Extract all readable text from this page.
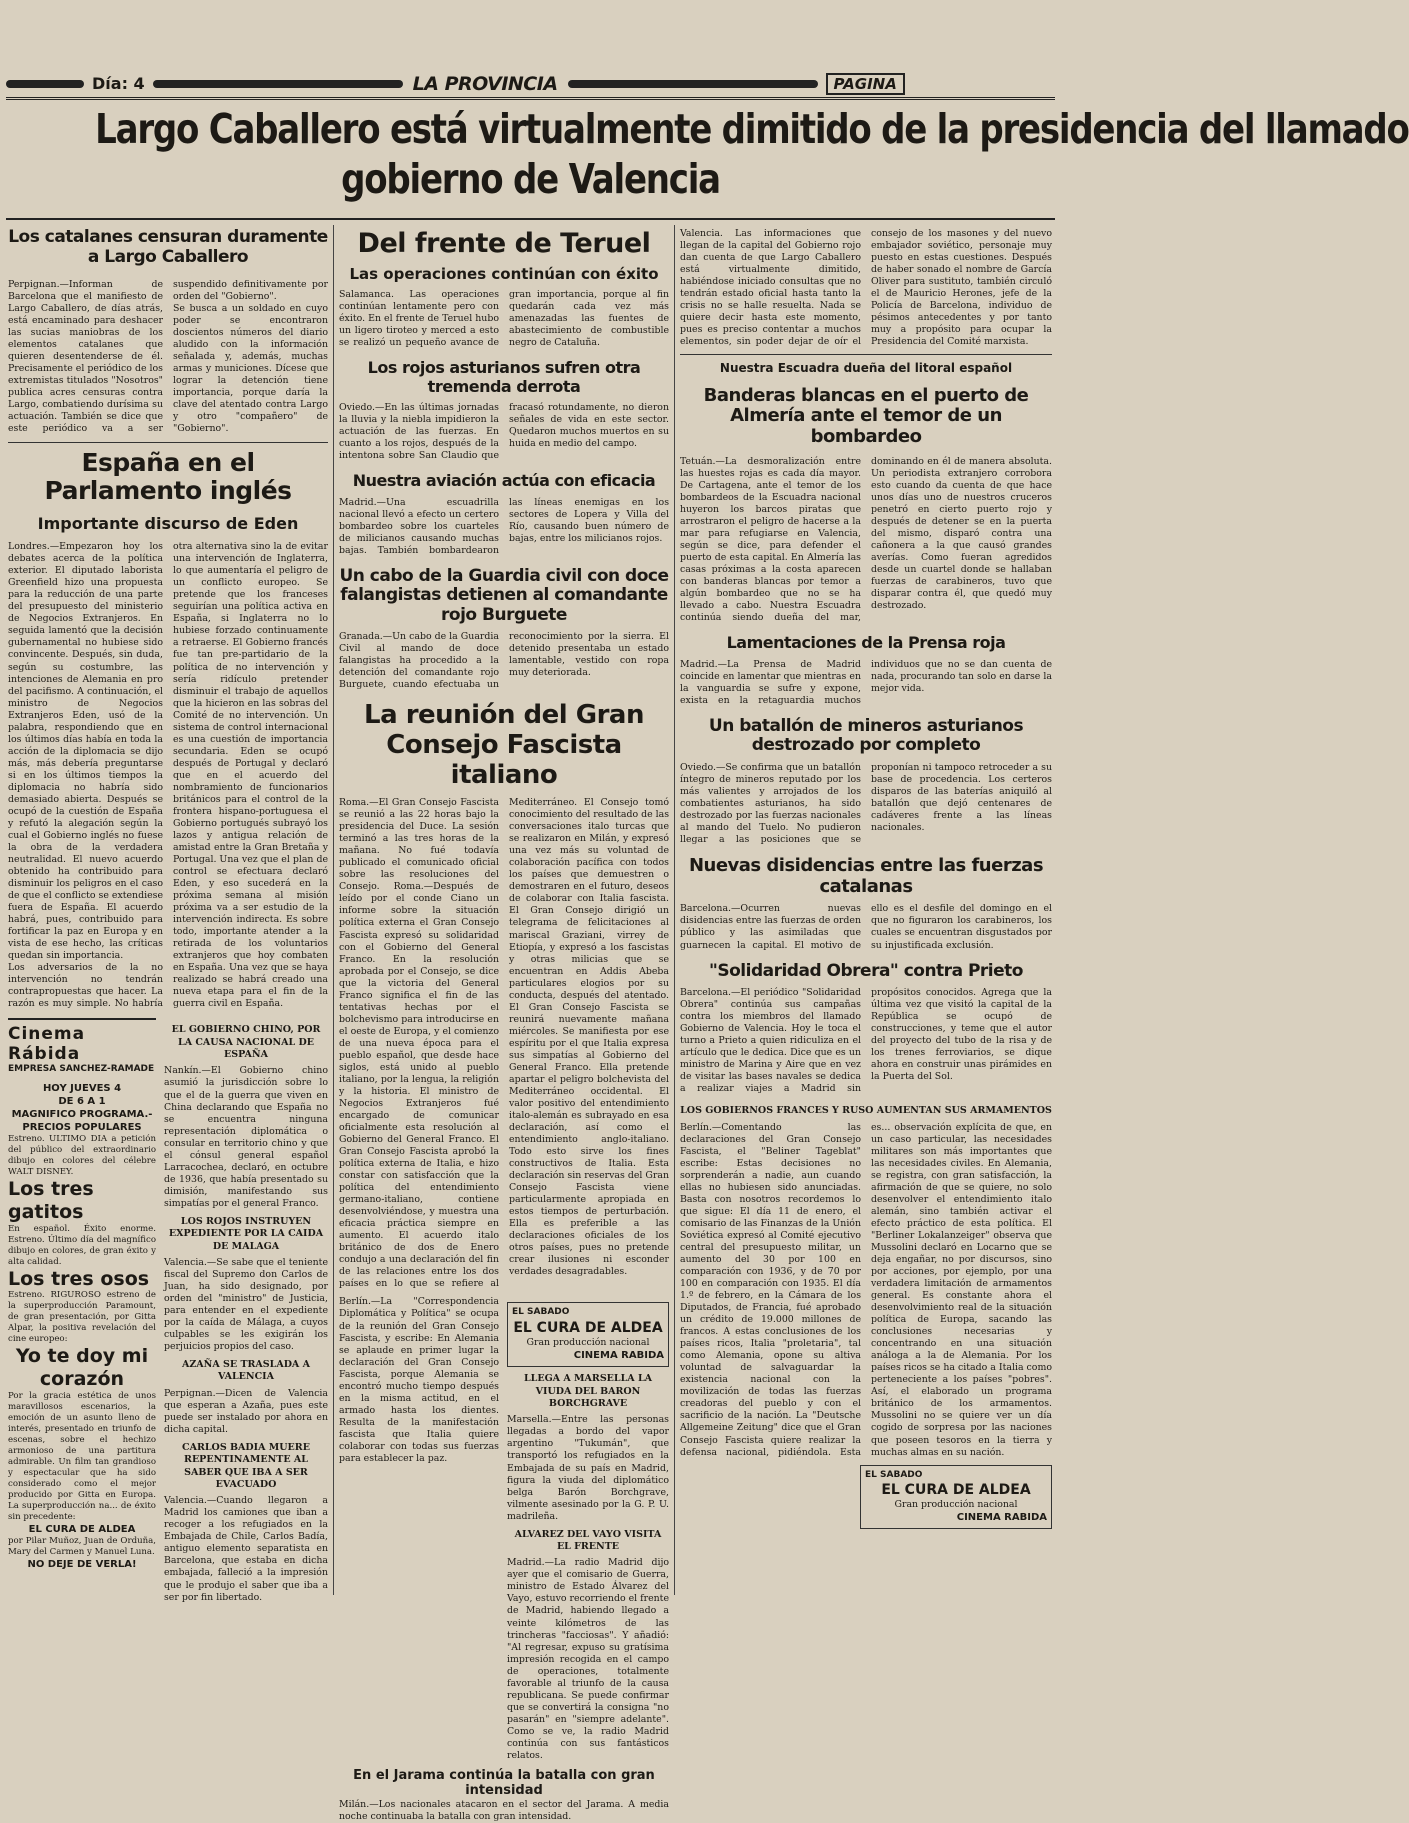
Día: 4	LA PROVINCIA	PAGINA
Largo Caballero está virtualmente dimitido de la presidencia del llamado
gobierno de Valencia
Los catalanes censuran duramente a Largo Caballero

Perpignan.—Informan de Barcelona que el manifiesto de Largo Caballero, de días atrás, está encaminado para deshacer las sucias maniobras de los elementos catalanes que quieren desentenderse de él. Precisamente el periódico de los extremistas titulados "Nosotros" publica acres censuras contra Largo, combatiendo durísima su actuación. También se dice que este periódico va a ser suspendido definitivamente por orden del "Gobierno".

Se busca a un soldado en cuyo poder se encontraron doscientos números del diario aludido con la información señalada y, además, muchas armas y municiones. Dícese que lograr la detención tiene importancia, porque daría la clave del atentado contra Largo y otro "compañero" de "Gobierno".

España en el Parlamento inglés
Importante discurso de Eden

Londres.—Empezaron hoy los debates acerca de la política exterior. El diputado laborista Greenfield hizo una propuesta para la reducción de una parte del presupuesto del ministerio de Negocios Extranjeros. En seguida lamentó que la decisión gubernamental no hubiese sido convincente. Después, sin duda, según su costumbre, las intenciones de Alemania en pro del pacifismo. A continuación, el ministro de Negocios Extranjeros Eden, usó de la palabra, respondiendo que en los últimos días había en toda la acción de la diplomacia se dijo más, más debería preguntarse si en los últimos tiempos la diplomacia no habría sido demasiado abierta. Después se ocupó de la cuestión de España y refutó la alegación según la cual el Gobierno inglés no fuese la obra de la verdadera neutralidad. El nuevo acuerdo obtenido ha contribuido para disminuir los peligros en el caso de que el conflicto se extendiese fuera de España. El acuerdo habrá, pues, contribuido para fortificar la paz en Europa y en vista de ese hecho, las críticas quedan sin importancia.

Los adversarios de la no intervención no tendrán contrapropuestas que hacer. La razón es muy simple. No habría otra alternativa sino la de evitar una intervención de Inglaterra, lo que aumentaría el peligro de un conflicto europeo. Se pretende que los franceses seguirían una política activa en España, si Inglaterra no lo hubiese forzado continuamente a retraerse. El Gobierno francés fue tan pre-partidario de la política de no intervención y sería ridículo pretender disminuir el trabajo de aquellos que la hicieron en las sobras del Comité de no intervención. Un sistema de control internacional es una cuestión de importancia secundaria. Eden se ocupó después de Portugal y declaró que en el acuerdo del nombramiento de funcionarios británicos para el control de la frontera hispano-portuguesa el Gobierno portugués subrayó los lazos y antigua relación de amistad entre la Gran Bretaña y Portugal. Una vez que el plan de control se efectuara declaró Eden, y eso sucederá en la próxima semana al misión próxima va a ser estudio de la intervención indirecta. Es sobre todo, importante atender a la retirada de los voluntarios extranjeros que hoy combaten en España. Una vez que se haya realizado se habrá creado una nueva etapa para el fin de la guerra civil en España.

Cinema Rábida
EMPRESA SANCHEZ-RAMADE
HOY JUEVES 4
DE 6 A 1
MAGNIFICO PROGRAMA.- PRECIOS POPULARES
Estreno. ULTIMO DIA a petición del público del extraordinario dibujo en colores del célebre WALT DISNEY.
Los tres gatitos
En español. Éxito enorme. Estreno. Último día del magnífico dibujo en colores, de gran éxito y alta calidad.
Los tres osos
Estreno. RIGUROSO estreno de la superproducción Paramount, de gran presentación, por Gitta Alpar, la positiva revelación del cine europeo:
Yo te doy mi corazón
Por la gracia estética de unos maravillosos escenarios, la emoción de un asunto lleno de interés, presentado en triunfo de escenas, sobre el hechizo armonioso de una partitura admirable. Un film tan grandioso y espectacular que ha sido considerado como el mejor producido por Gitta en Europa. La superproducción na... de éxito sin precedente:
EL CURA DE ALDEA
por Pilar Muñoz, Juan de Orduña, Mary del Carmen y Manuel Luna.
NO DEJE DE VERLA!
EL GOBIERNO CHINO, POR LA CAUSA NACIONAL DE ESPAÑA
Nankín.—El Gobierno chino asumió la jurisdicción sobre lo que el de la guerra que viven en China declarando que España no se encuentra ninguna representación diplomática o consular en territorio chino y que el cónsul general español Larracochea, declaró, en octubre de 1936, que había presentado su dimisión, manifestando sus simpatías por el general Franco.
LOS ROJOS INSTRUYEN EXPEDIENTE POR LA CAIDA DE MALAGA
Valencia.—Se sabe que el teniente fiscal del Supremo don Carlos de Juan, ha sido designado, por orden del "ministro" de Justicia, para entender en el expediente por la caída de Málaga, a cuyos culpables se les exigirán los perjuicios propios del caso.
AZAÑA SE TRASLADA A VALENCIA
Perpignan.—Dicen de Valencia que esperan a Azaña, pues este puede ser instalado por ahora en dicha capital.
CARLOS BADIA MUERE REPENTINAMENTE AL SABER QUE IBA A SER EVACUADO
Valencia.—Cuando llegaron a Madrid los camiones que iban a recoger a los refugiados en la Embajada de Chile, Carlos Badía, antiguo elemento separatista en Barcelona, que estaba en dicha embajada, falleció a la impresión que le produjo el saber que iba a ser por fin libertado.
Del frente de Teruel
Las operaciones continúan con éxito
Salamanca. Las operaciones continúan lentamente pero con éxito. En el frente de Teruel hubo un ligero tiroteo y merced a esto se realizó un pequeño avance de gran importancia, porque al fin quedarán cada vez más amenazadas las fuentes de abastecimiento de combustible negro de Cataluña.
Los rojos asturianos sufren otra tremenda derrota
Oviedo.—En las últimas jornadas la lluvia y la niebla impidieron la actuación de las fuerzas. En cuanto a los rojos, después de la intentona sobre San Claudio que fracasó rotundamente, no dieron señales de vida en este sector. Quedaron muchos muertos en su huida en medio del campo.
Nuestra aviación actúa con eficacia
Madrid.—Una escuadrilla nacional llevó a efecto un certero bombardeo sobre los cuarteles de milicianos causando muchas bajas. También bombardearon las líneas enemigas en los sectores de Lopera y Villa del Río, causando buen número de bajas, entre los milicianos rojos.
Un cabo de la Guardia civil con doce falangistas detienen al comandante rojo Burguete
Granada.—Un cabo de la Guardia Civil al mando de doce falangistas ha procedido a la detención del comandante rojo Burguete, cuando efectuaba un reconocimiento por la sierra. El detenido presentaba un estado lamentable, vestido con ropa muy deteriorada.
La reunión del Gran Consejo Fascista italiano
Roma.—El Gran Consejo Fascista se reunió a las 22 horas bajo la presidencia del Duce. La sesión terminó a las tres horas de la mañana. No fué todavía publicado el comunicado oficial sobre las resoluciones del Consejo. Roma.—Después de leído por el conde Ciano un informe sobre la situación política externa el Gran Consejo Fascista expresó su solidaridad con el Gobierno del General Franco. En la resolución aprobada por el Consejo, se dice que la victoria del General Franco significa el fin de las tentativas hechas por el bolchevismo para introducirse en el oeste de Europa, y el comienzo de una nueva época para el pueblo español, que desde hace siglos, está unido al pueblo italiano, por la lengua, la religión y la historia. El ministro de Negocios Extranjeros fué encargado de comunicar oficialmente esta resolución al Gobierno del General Franco. El Gran Consejo Fascista aprobó la política externa de Italia, e hizo constar con satisfacción que la política del entendimiento germano-italiano, contiene desenvolviéndose, y muestra una eficacia práctica siempre en aumento. El acuerdo italo británico de dos de Enero condujo a una declaración del fin de las relaciones entre los dos países en lo que se refiere al Mediterráneo. El Consejo tomó conocimiento del resultado de las conversaciones italo turcas que se realizaron en Milán, y expresó una vez más su voluntad de colaboración pacífica con todos los países que demuestren o demostraren en el futuro, deseos de colaborar con Italia fascista. El Gran Consejo dirigió un telegrama de felicitaciones al mariscal Graziani, virrey de Etiopía, y expresó a los fascistas y otras milicias que se encuentran en Addis Abeba particulares elogios por su conducta, después del atentado. El Gran Consejo Fascista se reunirá nuevamente mañana miércoles. Se manifiesta por ese espíritu por el que Italia expresa sus simpatías al Gobierno del General Franco. Ella pretende apartar el peligro bolchevista del Mediterráneo occidental. El valor positivo del entendimiento italo-alemán es subrayado en esa declaración, así como el entendimiento anglo-italiano. Todo esto sirve los fines constructivos de Italia. Esta declaración sin reservas del Gran Consejo Fascista viene particularmente apropiada en estos tiempos de perturbación. Ella es preferible a las declaraciones oficiales de los otros países, pues no pretende crear ilusiones ni esconder verdades desagradables.
Berlín.—La "Correspondencia Diplomática y Política" se ocupa de la reunión del Gran Consejo Fascista, y escribe: En Alemania se aplaude en primer lugar la declaración del Gran Consejo Fascista, porque Alemania se encontró mucho tiempo después en la misma actitud, en el armado hasta los dientes. Resulta de la manifestación fascista que Italia quiere colaborar con todas sus fuerzas para establecer la paz.
EL SABADO
EL CURA DE ALDEA
Gran producción nacional
CINEMA RABIDA
LLEGA A MARSELLA LA VIUDA DEL BARON BORCHGRAVE
Marsella.—Entre las personas llegadas a bordo del vapor argentino "Tukumán", que transportó los refugiados en la Embajada de su país en Madrid, figura la viuda del diplomático belga Barón Borchgrave, vilmente asesinado por la G. P. U. madrileña.
ALVAREZ DEL VAYO VISITA EL FRENTE
Madrid.—La radio Madrid dijo ayer que el comisario de Guerra, ministro de Estado Álvarez del Vayo, estuvo recorriendo el frente de Madrid, habiendo llegado a veinte kilómetros de las trincheras "facciosas". Y añadió: "Al regresar, expuso su gratísima impresión recogida en el campo de operaciones, totalmente favorable al triunfo de la causa republicana. Se puede confirmar que se convertirá la consigna "no pasarán" en "siempre adelante". Como se ve, la radio Madrid continúa con sus fantásticos relatos.
En el Jarama continúa la batalla con gran intensidad
Milán.—Los nacionales atacaron en el sector del Jarama. A media noche continuaba la batalla con gran intensidad.
Valencia. Las informaciones que llegan de la capital del Gobierno rojo dan cuenta de que Largo Caballero está virtualmente dimitido, habiéndose iniciado consultas que no tendrán estado oficial hasta tanto la crisis no se halle resuelta. Nada se quiere decir hasta este momento, pues es preciso contentar a muchos elementos, sin poder dejar de oír el consejo de los masones y del nuevo embajador soviético, personaje muy puesto en estas cuestiones. Después de haber sonado el nombre de García Oliver para sustituto, también circuló el de Mauricio Herones, jefe de la Policía de Barcelona, individuo de pésimos antecedentes y por tanto muy a propósito para ocupar la Presidencia del Comité marxista.
Nuestra Escuadra dueña del litoral español
Banderas blancas en el puerto de Almería ante el temor de un bombardeo
Tetuán.—La desmoralización entre las huestes rojas es cada día mayor. De Cartagena, ante el temor de los bombardeos de la Escuadra nacional huyeron los barcos piratas que arrostraron el peligro de hacerse a la mar para refugiarse en Valencia, según se dice, para defender el puerto de esta capital. En Almería las casas próximas a la costa aparecen con banderas blancas por temor a algún bombardeo que no se ha llevado a cabo. Nuestra Escuadra continúa siendo dueña del mar, dominando en él de manera absoluta. Un periodista extranjero corrobora esto cuando da cuenta de que hace unos días uno de nuestros cruceros penetró en cierto puerto rojo y después de detener se en la puerta del mismo, disparó contra una cañonera a la que causó grandes averías. Como fueran agredidos desde un cuartel donde se hallaban fuerzas de carabineros, tuvo que disparar contra él, que quedó muy destrozado.
Lamentaciones de la Prensa roja
Madrid.—La Prensa de Madrid coincide en lamentar que mientras en la vanguardia se sufre y expone, exista en la retaguardia muchos individuos que no se dan cuenta de nada, procurando tan solo en darse la mejor vida.
Un batallón de mineros asturianos destrozado por completo
Oviedo.—Se confirma que un batallón íntegro de mineros reputado por los más valientes y arrojados de los combatientes asturianos, ha sido destrozado por las fuerzas nacionales al mando del Tuelo. No pudieron llegar a las posiciones que se proponían ni tampoco retroceder a su base de procedencia. Los certeros disparos de las baterías aniquiló al batallón que dejó centenares de cadáveres frente a las líneas nacionales.
Nuevas disidencias entre las fuerzas catalanas
Barcelona.—Ocurren nuevas disidencias entre las fuerzas de orden público y las asimiladas que guarnecen la capital. El motivo de ello es el desfile del domingo en el que no figuraron los carabineros, los cuales se encuentran disgustados por su injustificada exclusión.
"Solidaridad Obrera" contra Prieto
Barcelona.—El periódico "Solidaridad Obrera" continúa sus campañas contra los miembros del llamado Gobierno de Valencia. Hoy le toca el turno a Prieto a quien ridiculiza en el artículo que le dedica. Dice que es un ministro de Marina y Aire que en vez de visitar las bases navales se dedica a realizar viajes a Madrid sin propósitos conocidos. Agrega que la última vez que visitó la capital de la República se ocupó de construcciones, y teme que el autor del proyecto del tubo de la risa y de los trenes ferroviarios, se dique ahora en construir unas pirámides en la Puerta del Sol.
LOS GOBIERNOS FRANCES Y RUSO AUMENTAN SUS ARMAMENTOS
Berlín.—Comentando las declaraciones del Gran Consejo Fascista, el "Beliner Tageblat" escribe: Estas decisiones no sorprenderán a nadie, aun cuando ellas no hubiesen sido anunciadas. Basta con nosotros recordemos lo que sigue: El día 11 de enero, el comisario de las Finanzas de la Unión Soviética expresó al Comité ejecutivo central del presupuesto militar, un aumento del 30 por 100 en comparación con 1936, y de 70 por 100 en comparación con 1935. El día 1.º de febrero, en la Cámara de los Diputados, de Francia, fué aprobado un crédito de 19.000 millones de francos. A estas conclusiones de los países ricos, Italia "proletaria", tal como Alemania, opone su altiva voluntad de salvaguardar la existencia nacional con la movilización de todas las fuerzas creadoras del pueblo y con el sacrificio de la nación. La "Deutsche Allgemeine Zeitung" dice que el Gran Consejo Fascista quiere realizar la defensa nacional, pidiéndola. Esta es... observación explícita de que, en un caso particular, las necesidades militares son más importantes que las necesidades civiles. En Alemania, se registra, con gran satisfacción, la afirmación de que se quiere, no solo desenvolver el entendimiento italo alemán, sino también activar el efecto práctico de esta política. El "Berliner Lokalanzeiger" observa que Mussolini declaró en Locarno que se deja engañar, no por discursos, sino por acciones, por ejemplo, por una verdadera limitación de armamentos general. Es constante ahora el desenvolvimiento real de la situación política de Europa, sacando las conclusiones necesarias y concentrando en una situación análoga a la de Alemania. Por los países ricos se ha citado a Italia como perteneciente a los países "pobres". Así, el elaborado un programa británico de los armamentos. Mussolini no se quiere ver un día cogido de sorpresa por las naciones que poseen tesoros en la tierra y muchas almas en su nación.
EL SABADO
EL CURA DE ALDEA
Gran producción nacional
CINEMA RABIDA
